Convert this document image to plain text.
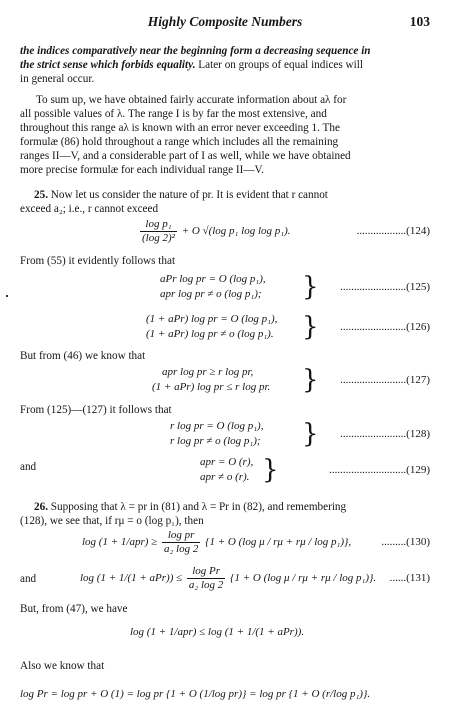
Highly Composite Numbers	103
the indices comparatively near the beginning form a decreasing sequence in
the strict sense which forbids equality. Later on groups of equal indices will
in general occur.
To sum up, we have obtained fairly accurate information about aλ for
all possible values of λ. The range I is by far the most extensive, and
throughout this range aλ is known with an error never exceeding 1. The
formulæ (86) hold throughout a range which includes all the remaining
ranges II—V, and a considerable part of I as well, while we have obtained
more precise formulæ for each individual range II—V.
25. Now let us consider the nature of pr. It is evident that r cannot
exceed a₂; i.e., r cannot exceed
$\frac{\text{log p₁}}{\text{(log 2)²}} + O$ √(log p₁ log log p₁).	..................(124)
From (55) it evidently follows that
aPr log pr = O (log p₁),
apr log pr ≠ o (log p₁); } ........................(125)
(1 + aPr) log pr = O (log p₁),
(1 + aPr) log pr ≠ o (log p₁). } ........................(126)
But from (46) we know that
apr log pr ≥ r log pr,
(1 + aPr) log pr ≤ r log pr. } ........................(127)
From (125)—(127) it follows that
r log pr = O (log p₁),
r log pr ≠ o (log p₁); } ........................(128)
and	apr = O (r),
apr ≠ o (r). }	............................(129)
26. Supposing that λ = pr in (81) and λ = Pr in (82), and remembering
(128), we see that, if rμ = o (log p₁), then
$\log (1 + 1/apr) \ge \frac{\text{log pr}}{\text{a₂ log 2}} \{1 + O$ (log μ / rμ + rμ / log p₁)},	.........(130)
and	$\log (1 + 1/(1 + aPr)) \le \frac{\text{log Pr}}{\text{a₂ log 2}} \{1 + O$ (log μ / rμ + rμ / log p₁)}. ......(131)
But, from (47), we have
log (1 + 1/apr) ≤ log (1 + 1/(1 + aPr)).
Also we know that
log Pr = log pr + O (1) = log pr {1 + O (1/log pr)} = log pr {1 + O (r/log p₁)}.
